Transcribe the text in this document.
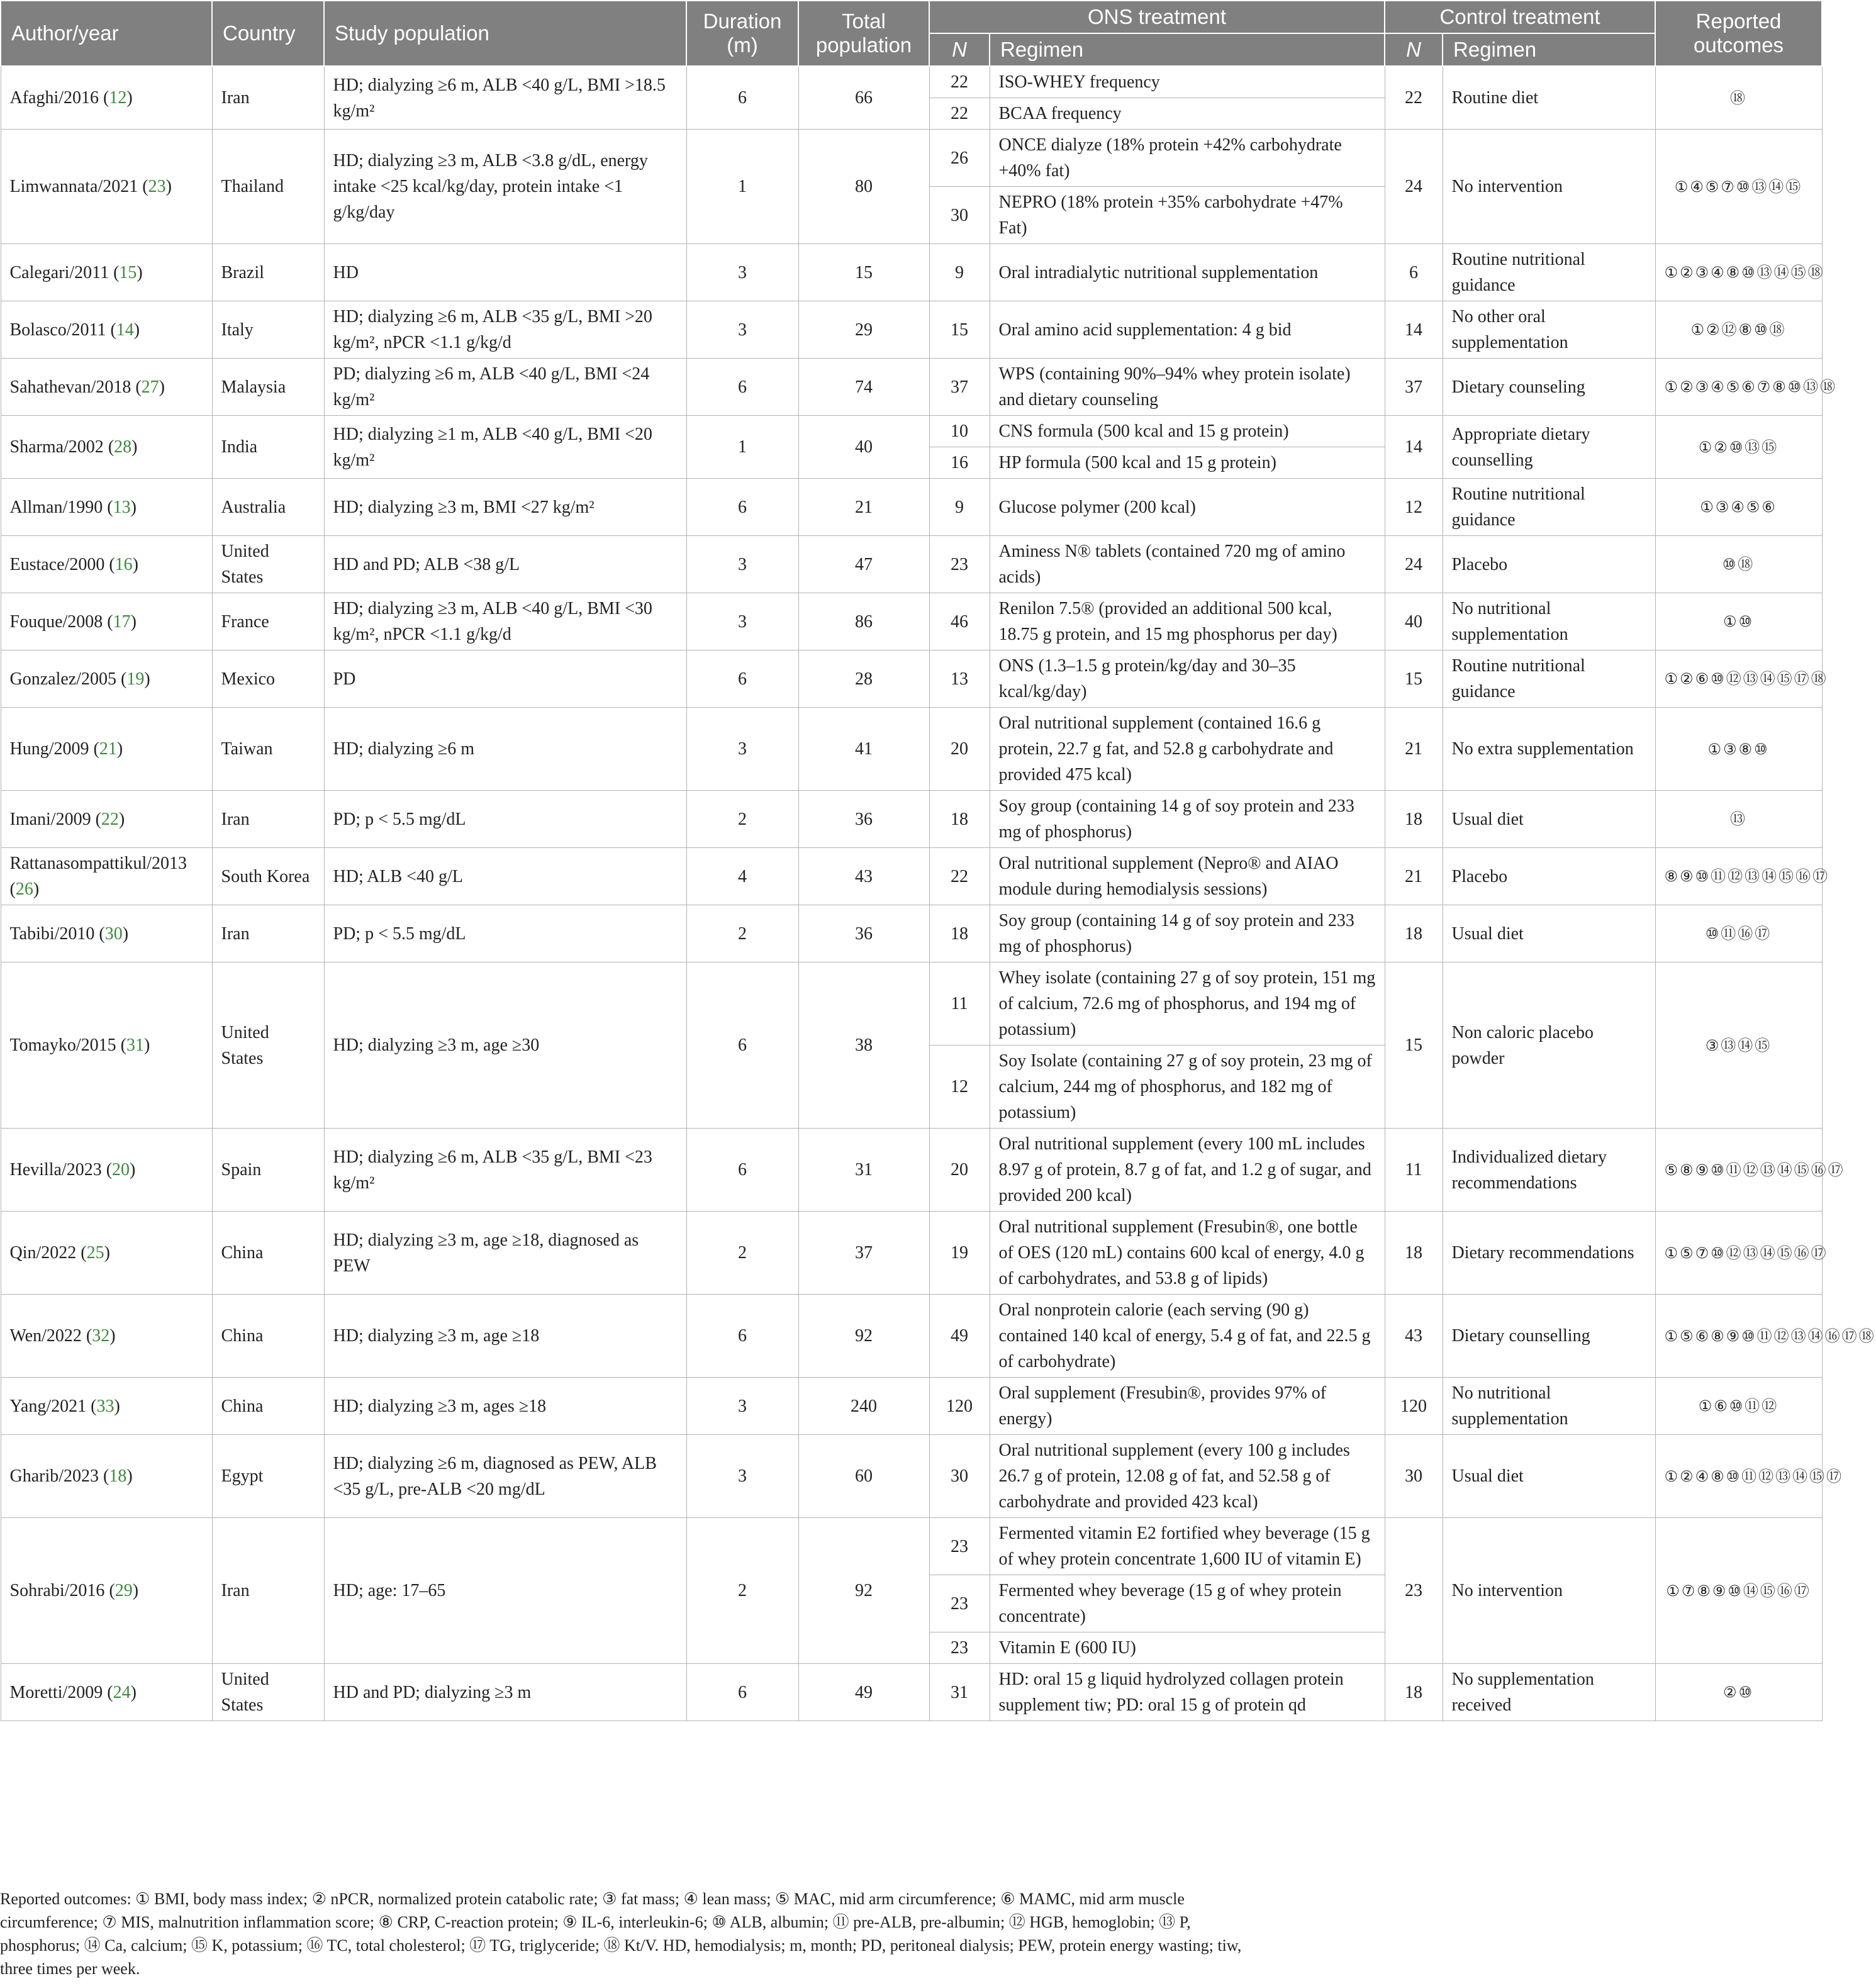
Author/year	Country	Study population	Duration (m)	Total population	ONS treatment		Control treatment		Reported outcomes
					N	Regimen	N	Regimen	
Afaghi/2016 (12)	Iran	HD; dialyzing ≥6 m, ALB <40 g/L, BMI >18.5 kg/m²	6	66	22	ISO-WHEY frequency	22	Routine diet	⑱
					22	BCAA frequency			
Limwannata/2021 (23)	Thailand	HD; dialyzing ≥3 m, ALB <3.8 g/dL, energy intake <25 kcal/kg/day, protein intake <1 g/kg/day	1	80	26	ONCE dialyze (18% protein +42% carbohydrate +40% fat)	24	No intervention	①④⑤⑦⑩⑬⑭⑮
					30	NEPRO (18% protein +35% carbohydrate +47% Fat)			
Calegari/2011 (15)	Brazil	HD	3	15	9	Oral intradialytic nutritional supplementation	6	Routine nutritional guidance	①②③④⑧⑩⑬⑭⑮⑱
Bolasco/2011 (14)	Italy	HD; dialyzing ≥6 m, ALB <35 g/L, BMI >20 kg/m², nPCR <1.1 g/kg/d	3	29	15	Oral amino acid supplementation: 4 g bid	14	No other oral supplementation	①②⑫⑧⑩⑱
Sahathevan/2018 (27)	Malaysia	PD; dialyzing ≥6 m, ALB <40 g/L, BMI <24 kg/m²	6	74	37	WPS (containing 90%–94% whey protein isolate) and dietary counseling	37	Dietary counseling	①②③④⑤⑥⑦⑧⑩⑬⑱
Sharma/2002 (28)	India	HD; dialyzing ≥1 m, ALB <40 g/L, BMI <20 kg/m²	1	40	10	CNS formula (500 kcal and 15 g protein)	14	Appropriate dietary counselling	①②⑩⑬⑮
					16	HP formula (500 kcal and 15 g protein)			
Allman/1990 (13)	Australia	HD; dialyzing ≥3 m, BMI <27 kg/m²	6	21	9	Glucose polymer (200 kcal)	12	Routine nutritional guidance	①③④⑤⑥
Eustace/2000 (16)	United States	HD and PD; ALB <38 g/L	3	47	23	Aminess N® tablets (contained 720 mg of amino acids)	24	Placebo	⑩⑱
Fouque/2008 (17)	France	HD; dialyzing ≥3 m, ALB <40 g/L, BMI <30 kg/m², nPCR <1.1 g/kg/d	3	86	46	Renilon 7.5® (provided an additional 500 kcal, 18.75 g protein, and 15 mg phosphorus per day)	40	No nutritional supplementation	①⑩
Gonzalez/2005 (19)	Mexico	PD	6	28	13	ONS (1.3–1.5 g protein/kg/day and 30–35 kcal/kg/day)	15	Routine nutritional guidance	①②⑥⑩⑫⑬⑭⑮⑰⑱
Hung/2009 (21)	Taiwan	HD; dialyzing ≥6 m	3	41	20	Oral nutritional supplement (contained 16.6 g protein, 22.7 g fat, and 52.8 g carbohydrate and provided 475 kcal)	21	No extra supplementation	①③⑧⑩
Imani/2009 (22)	Iran	PD; p < 5.5 mg/dL	2	36	18	Soy group (containing 14 g of soy protein and 233 mg of phosphorus)	18	Usual diet	⑬
Rattanasompattikul/2013 (26)	South Korea	HD; ALB <40 g/L	4	43	22	Oral nutritional supplement (Nepro® and AIAO module during hemodialysis sessions)	21	Placebo	⑧⑨⑩⑪⑫⑬⑭⑮⑯⑰
Tabibi/2010 (30)	Iran	PD; p < 5.5 mg/dL	2	36	18	Soy group (containing 14 g of soy protein and 233 mg of phosphorus)	18	Usual diet	⑩⑪⑯⑰
Tomayko/2015 (31)	United States	HD; dialyzing ≥3 m, age ≥30	6	38	11	Whey isolate (containing 27 g of soy protein, 151 mg of calcium, 72.6 mg of phosphorus, and 194 mg of potassium)	15	Non caloric placebo powder	③⑬⑭⑮
					12	Soy Isolate (containing 27 g of soy protein, 23 mg of calcium, 244 mg of phosphorus, and 182 mg of potassium)			
Hevilla/2023 (20)	Spain	HD; dialyzing ≥6 m, ALB <35 g/L, BMI <23 kg/m²	6	31	20	Oral nutritional supplement (every 100 mL includes 8.97 g of protein, 8.7 g of fat, and 1.2 g of sugar, and provided 200 kcal)	11	Individualized dietary recommendations	⑤⑧⑨⑩⑪⑫⑬⑭⑮⑯⑰
Qin/2022 (25)	China	HD; dialyzing ≥3 m, age ≥18, diagnosed as PEW	2	37	19	Oral nutritional supplement (Fresubin®, one bottle of OES (120 mL) contains 600 kcal of energy, 4.0 g of carbohydrates, and 53.8 g of lipids)	18	Dietary recommendations	①⑤⑦⑩⑫⑬⑭⑮⑯⑰
Wen/2022 (32)	China	HD; dialyzing ≥3 m, age ≥18	6	92	49	Oral nonprotein calorie (each serving (90 g) contained 140 kcal of energy, 5.4 g of fat, and 22.5 g of carbohydrate)	43	Dietary counselling	①⑤⑥⑧⑨⑩⑪⑫⑬⑭⑯⑰⑱
Yang/2021 (33)	China	HD; dialyzing ≥3 m, ages ≥18	3	240	120	Oral supplement (Fresubin®, provides 97% of energy)	120	No nutritional supplementation	①⑥⑩⑪⑫
Gharib/2023 (18)	Egypt	HD; dialyzing ≥6 m, diagnosed as PEW, ALB <35 g/L, pre-ALB <20 mg/dL	3	60	30	Oral nutritional supplement (every 100 g includes 26.7 g of protein, 12.08 g of fat, and 52.58 g of carbohydrate and provided 423 kcal)	30	Usual diet	①②④⑧⑩⑪⑫⑬⑭⑮⑰
Sohrabi/2016 (29)	Iran	HD; age: 17–65	2	92	23	Fermented vitamin E2 fortified whey beverage (15 g of whey protein concentrate 1,600 IU of vitamin E)	23	No intervention	①⑦⑧⑨⑩⑭⑮⑯⑰
					23	Fermented whey beverage (15 g of whey protein concentrate)			
					23	Vitamin E (600 IU)			
Moretti/2009 (24)	United States	HD and PD; dialyzing ≥3 m	6	49	31	HD: oral 15 g liquid hydrolyzed collagen protein supplement tiw; PD: oral 15 g of protein qd	18	No supplementation received	②⑩
Reported outcomes: ① BMI, body mass index; ② nPCR, normalized protein catabolic rate; ③ fat mass; ④ lean mass; ⑤ MAC, mid arm circumference; ⑥ MAMC, mid arm muscle circumference; ⑦ MIS, malnutrition inflammation score; ⑧ CRP, C-reaction protein; ⑨ IL-6, interleukin-6; ⑩ ALB, albumin; ⑪ pre-ALB, pre-albumin; ⑫ HGB, hemoglobin; ⑬ P, phosphorus; ⑭ Ca, calcium; ⑮ K, potassium; ⑯ TC, total cholesterol; ⑰ TG, triglyceride; ⑱ Kt/V. HD, hemodialysis; m, month; PD, peritoneal dialysis; PEW, protein energy wasting; tiw, three times per week.
